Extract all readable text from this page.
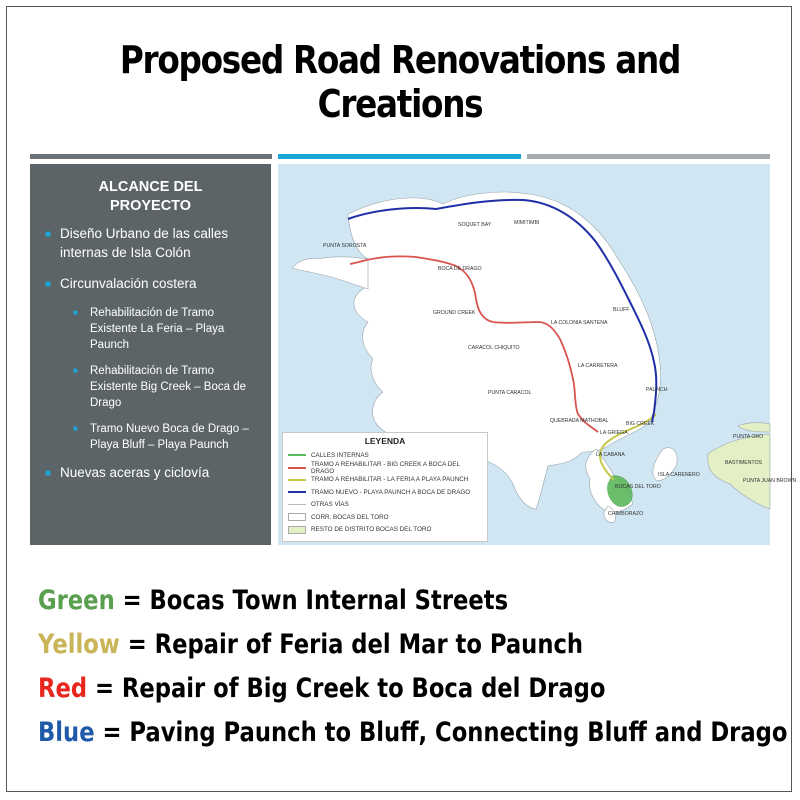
Proposed Road Renovations and Creations
ALCANCE DEL PROYECTO
■ Diseño Urbano de las calles internas de Isla Colón
■ Circunvalación costera
■ Rehabilitación de Tramo Existente La Feria – Playa Paunch
■ Rehabilitación de Tramo Existente Big Creek – Boca de Drago
■ Tramo Nuevo Boca de Drago – Playa Bluff – Playa Paunch
■ Nuevas aceras y ciclovía
SOQUET BAY	MIMITIMBI
PUNTA SOROSTA
BOCA DE DRAGO
BLUFF
GROUND CREEK
LA COLONIA SANTENA
CARACOL CHIQUITO
LA CARRETERA
PUNTA CARACOL	PAUNCH
QUEBRADA MATHOBAL	BIG CREEK
LA GRIEGA
LA CABANA
BOCAS DEL TORO
PUNTA ORO
BASTIMENTOS
ISLA CARENERO
PUNTA JUAN BROWN
CHIMBORAZO
LEYENDA
CALLES INTERNAS
TRAMO A REHABILITAR - BIG CREEK A BOCA DEL DRAGO
TRAMO A REHABILITAR - LA FERIA A PLAYA PAUNCH
TRAMO NUEVO - PLAYA PAUNCH A BOCA DE DRAGO
OTRAS VÍAS
CORR. BOCAS DEL TORO
RESTO DE DISTRITO BOCAS DEL TORO
Green = Bocas Town Internal Streets
Yellow = Repair of Feria del Mar to Paunch
Red = Repair of Big Creek to Boca del Drago
Blue = Paving Paunch to Bluff, Connecting Bluff and Drago
